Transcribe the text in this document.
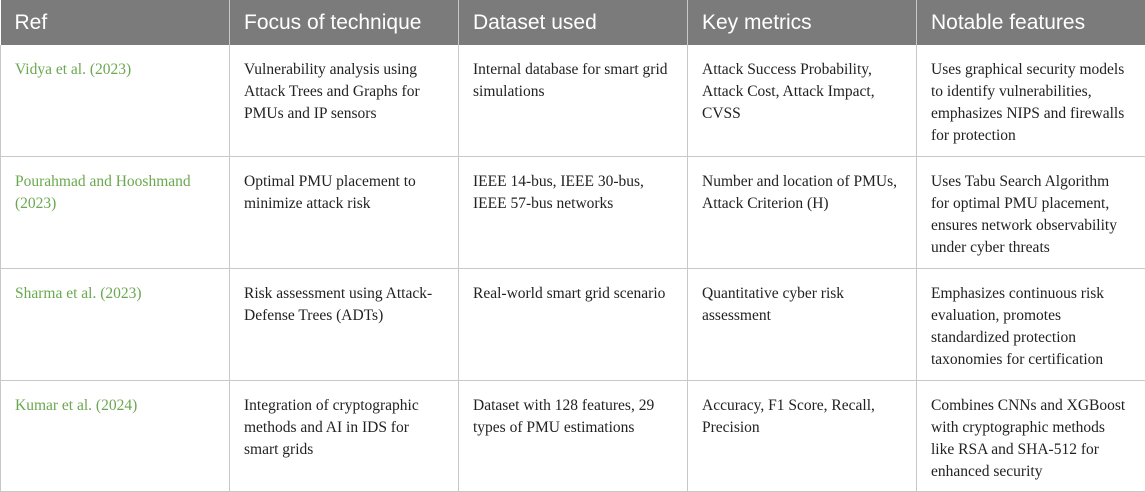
Ref	Focus of technique	Dataset used	Key metrics	Notable features
Vidya et al. (2023)	Vulnerability analysis using Attack Trees and Graphs for PMUs and IP sensors	Internal database for smart grid simulations	Attack Success Probability, Attack Cost, Attack Impact, CVSS	Uses graphical security models to identify vulnerabilities, emphasizes NIPS and firewalls for protection
Pourahmad and Hooshmand (2023)	Optimal PMU placement to minimize attack risk	IEEE 14-bus, IEEE 30-bus, IEEE 57-bus networks	Number and location of PMUs, Attack Criterion (H)	Uses Tabu Search Algorithm for optimal PMU placement, ensures network observability under cyber threats
Sharma et al. (2023)	Risk assessment using Attack-Defense Trees (ADTs)	Real-world smart grid scenario	Quantitative cyber risk assessment	Emphasizes continuous risk evaluation, promotes standardized protection taxonomies for certification
Kumar et al. (2024)	Integration of cryptographic methods and AI in IDS for smart grids	Dataset with 128 features, 29 types of PMU estimations	Accuracy, F1 Score, Recall, Precision	Combines CNNs and XGBoost with cryptographic methods like RSA and SHA-512 for enhanced security
